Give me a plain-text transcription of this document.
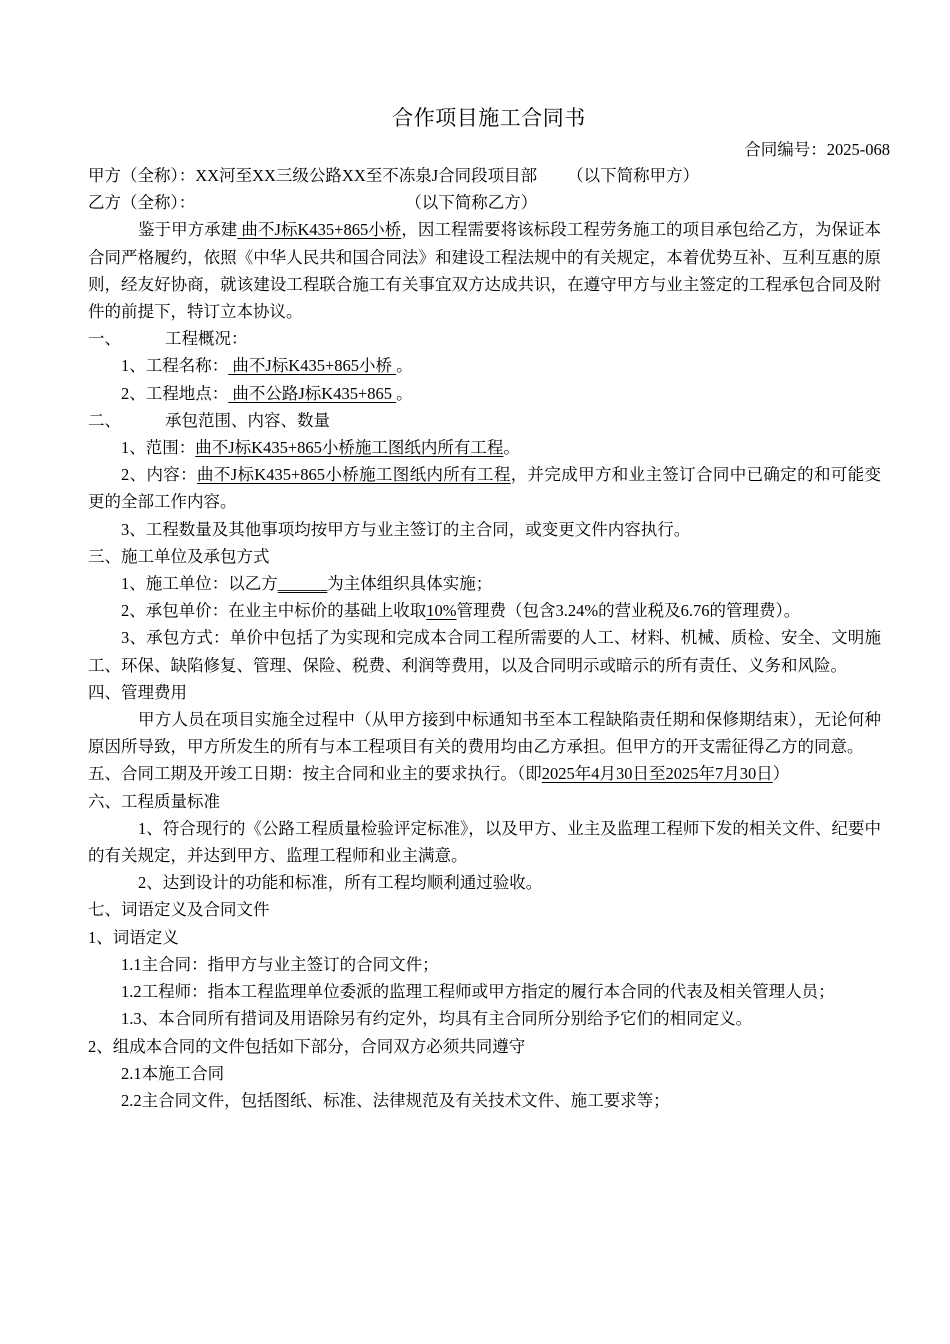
合作项目施工合同书
合同编号：2025-068

甲方（全称）：XX河至XX三级公路XX至不冻泉J合同段项目部 （以下简称甲方）

乙方（全称）：	（以下简称乙方）

鉴于甲方承建 曲不J标K435+865小桥，因工程需要将该标段工程劳务施工的项目承包给乙方，为保证本合同严格履约，依照《中华人民共和国合同法》和建设工程法规中的有关规定，本着优势互补、互利互惠的原则，经友好协商，就该建设工程联合施工有关事宜双方达成共识，在遵守甲方与业主签定的工程承包合同及附件的前提下，特订立本协议。

一、	工程概况：

1、工程名称： 曲不J标K435+865小桥 。

2、工程地点： 曲不公路J标K435+865 。

二、	承包范围、内容、数量

1、范围：曲不J标K435+865小桥施工图纸内所有工程。

2、内容：曲不J标K435+865小桥施工图纸内所有工程，并完成甲方和业主签订合同中已确定的和可能变更的全部工作内容。

3、工程数量及其他事项均按甲方与业主签订的主合同，或变更文件内容执行。

三、施工单位及承包方式

1、施工单位：以乙方______为主体组织具体实施；

2、承包单价：在业主中标价的基础上收取10%管理费（包含3.24%的营业税及6.76的管理费）。

3、承包方式：单价中包括了为实现和完成本合同工程所需要的人工、材料、机械、质检、安全、文明施工、环保、缺陷修复、管理、保险、税费、利润等费用，以及合同明示或暗示的所有责任、义务和风险。

四、管理费用

甲方人员在项目实施全过程中（从甲方接到中标通知书至本工程缺陷责任期和保修期结束），无论何种原因所导致，甲方所发生的所有与本工程项目有关的费用均由乙方承担。但甲方的开支需征得乙方的同意。

五、合同工期及开竣工日期：按主合同和业主的要求执行。（即2025年4月30日至2025年7月30日）

六、工程质量标准

1、符合现行的《公路工程质量检验评定标准》，以及甲方、业主及监理工程师下发的相关文件、纪要中的有关规定，并达到甲方、监理工程师和业主满意。

2、达到设计的功能和标准，所有工程均顺利通过验收。

七、词语定义及合同文件

1、词语定义

1.1主合同：指甲方与业主签订的合同文件；

1.2工程师：指本工程监理单位委派的监理工程师或甲方指定的履行本合同的代表及相关管理人员；

1.3、本合同所有措词及用语除另有约定外，均具有主合同所分别给予它们的相同定义。

2、组成本合同的文件包括如下部分，合同双方必须共同遵守

2.1本施工合同

2.2主合同文件，包括图纸、标准、法律规范及有关技术文件、施工要求等；
